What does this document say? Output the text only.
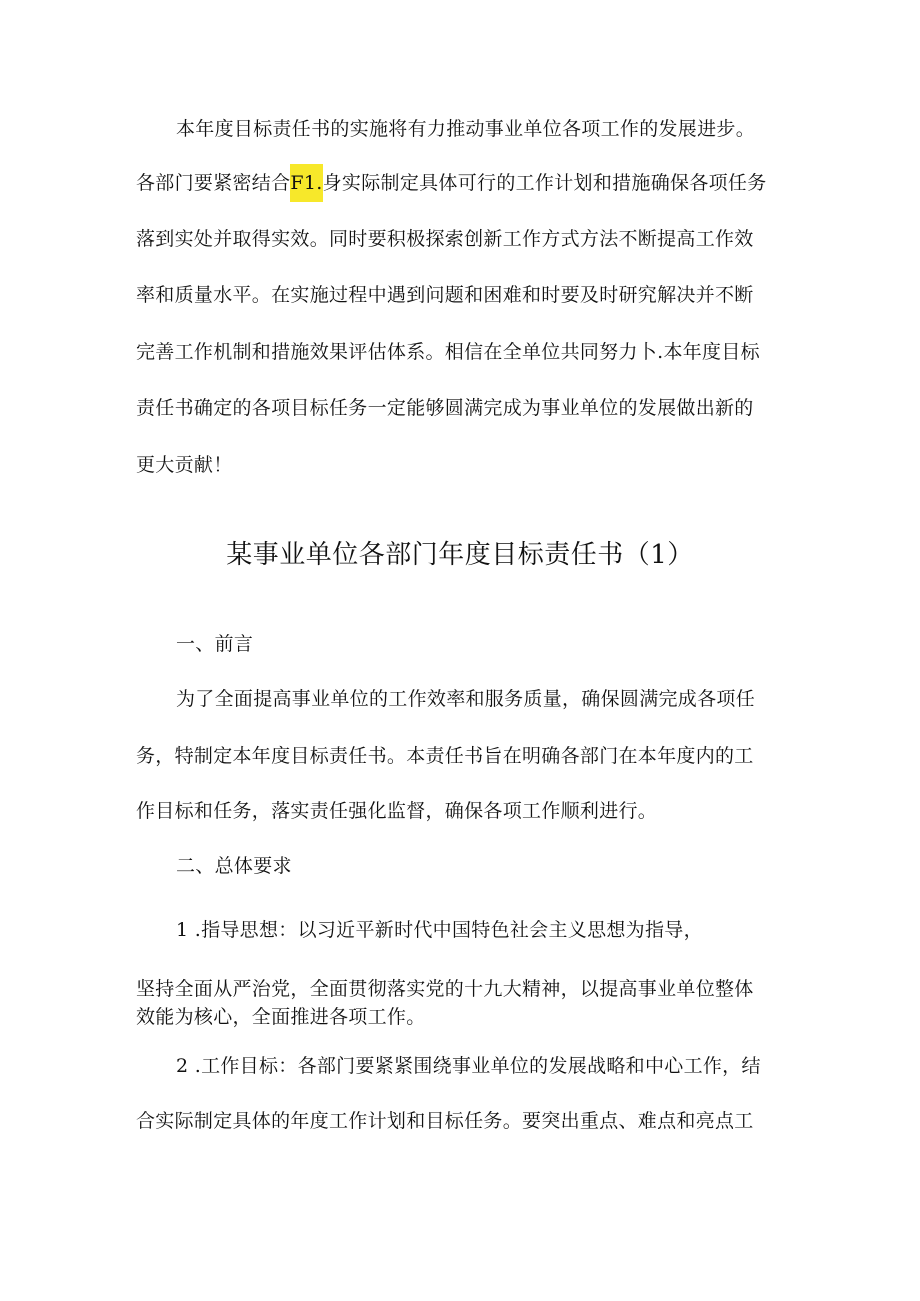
本年度目标责任书的实施将有力推动事业单位各项工作的发展进步。
各部门要紧密结合F1.身实际制定具体可行的工作计划和措施确保各项任务
落到实处并取得实效。同时要积极探索创新工作方式方法不断提高工作效
率和质量水平。在实施过程中遇到问题和困难和时要及时研究解决并不断
完善工作机制和措施效果评估体系。相信在全单位共同努力卜.本年度目标
责任书确定的各项目标任务一定能够圆满完成为事业单位的发展做出新的
更大贡献！
某事业单位各部门年度目标责任书（1）
一、前言
为了全面提高事业单位的工作效率和服务质量，确保圆满完成各项任
务，特制定本年度目标责任书。本责任书旨在明确各部门在本年度内的工
作目标和任务，落实责任强化监督，确保各项工作顺利进行。
二、总体要求
1 .指导思想：以习近平新时代中国特色社会主义思想为指导，
坚持全面从严治党，全面贯彻落实党的十九大精神，以提高事业单位整体
效能为核心，全面推进各项工作。
2 .工作目标：各部门要紧紧围绕事业单位的发展战略和中心工作，结
合实际制定具体的年度工作计划和目标任务。要突出重点、难点和亮点工
